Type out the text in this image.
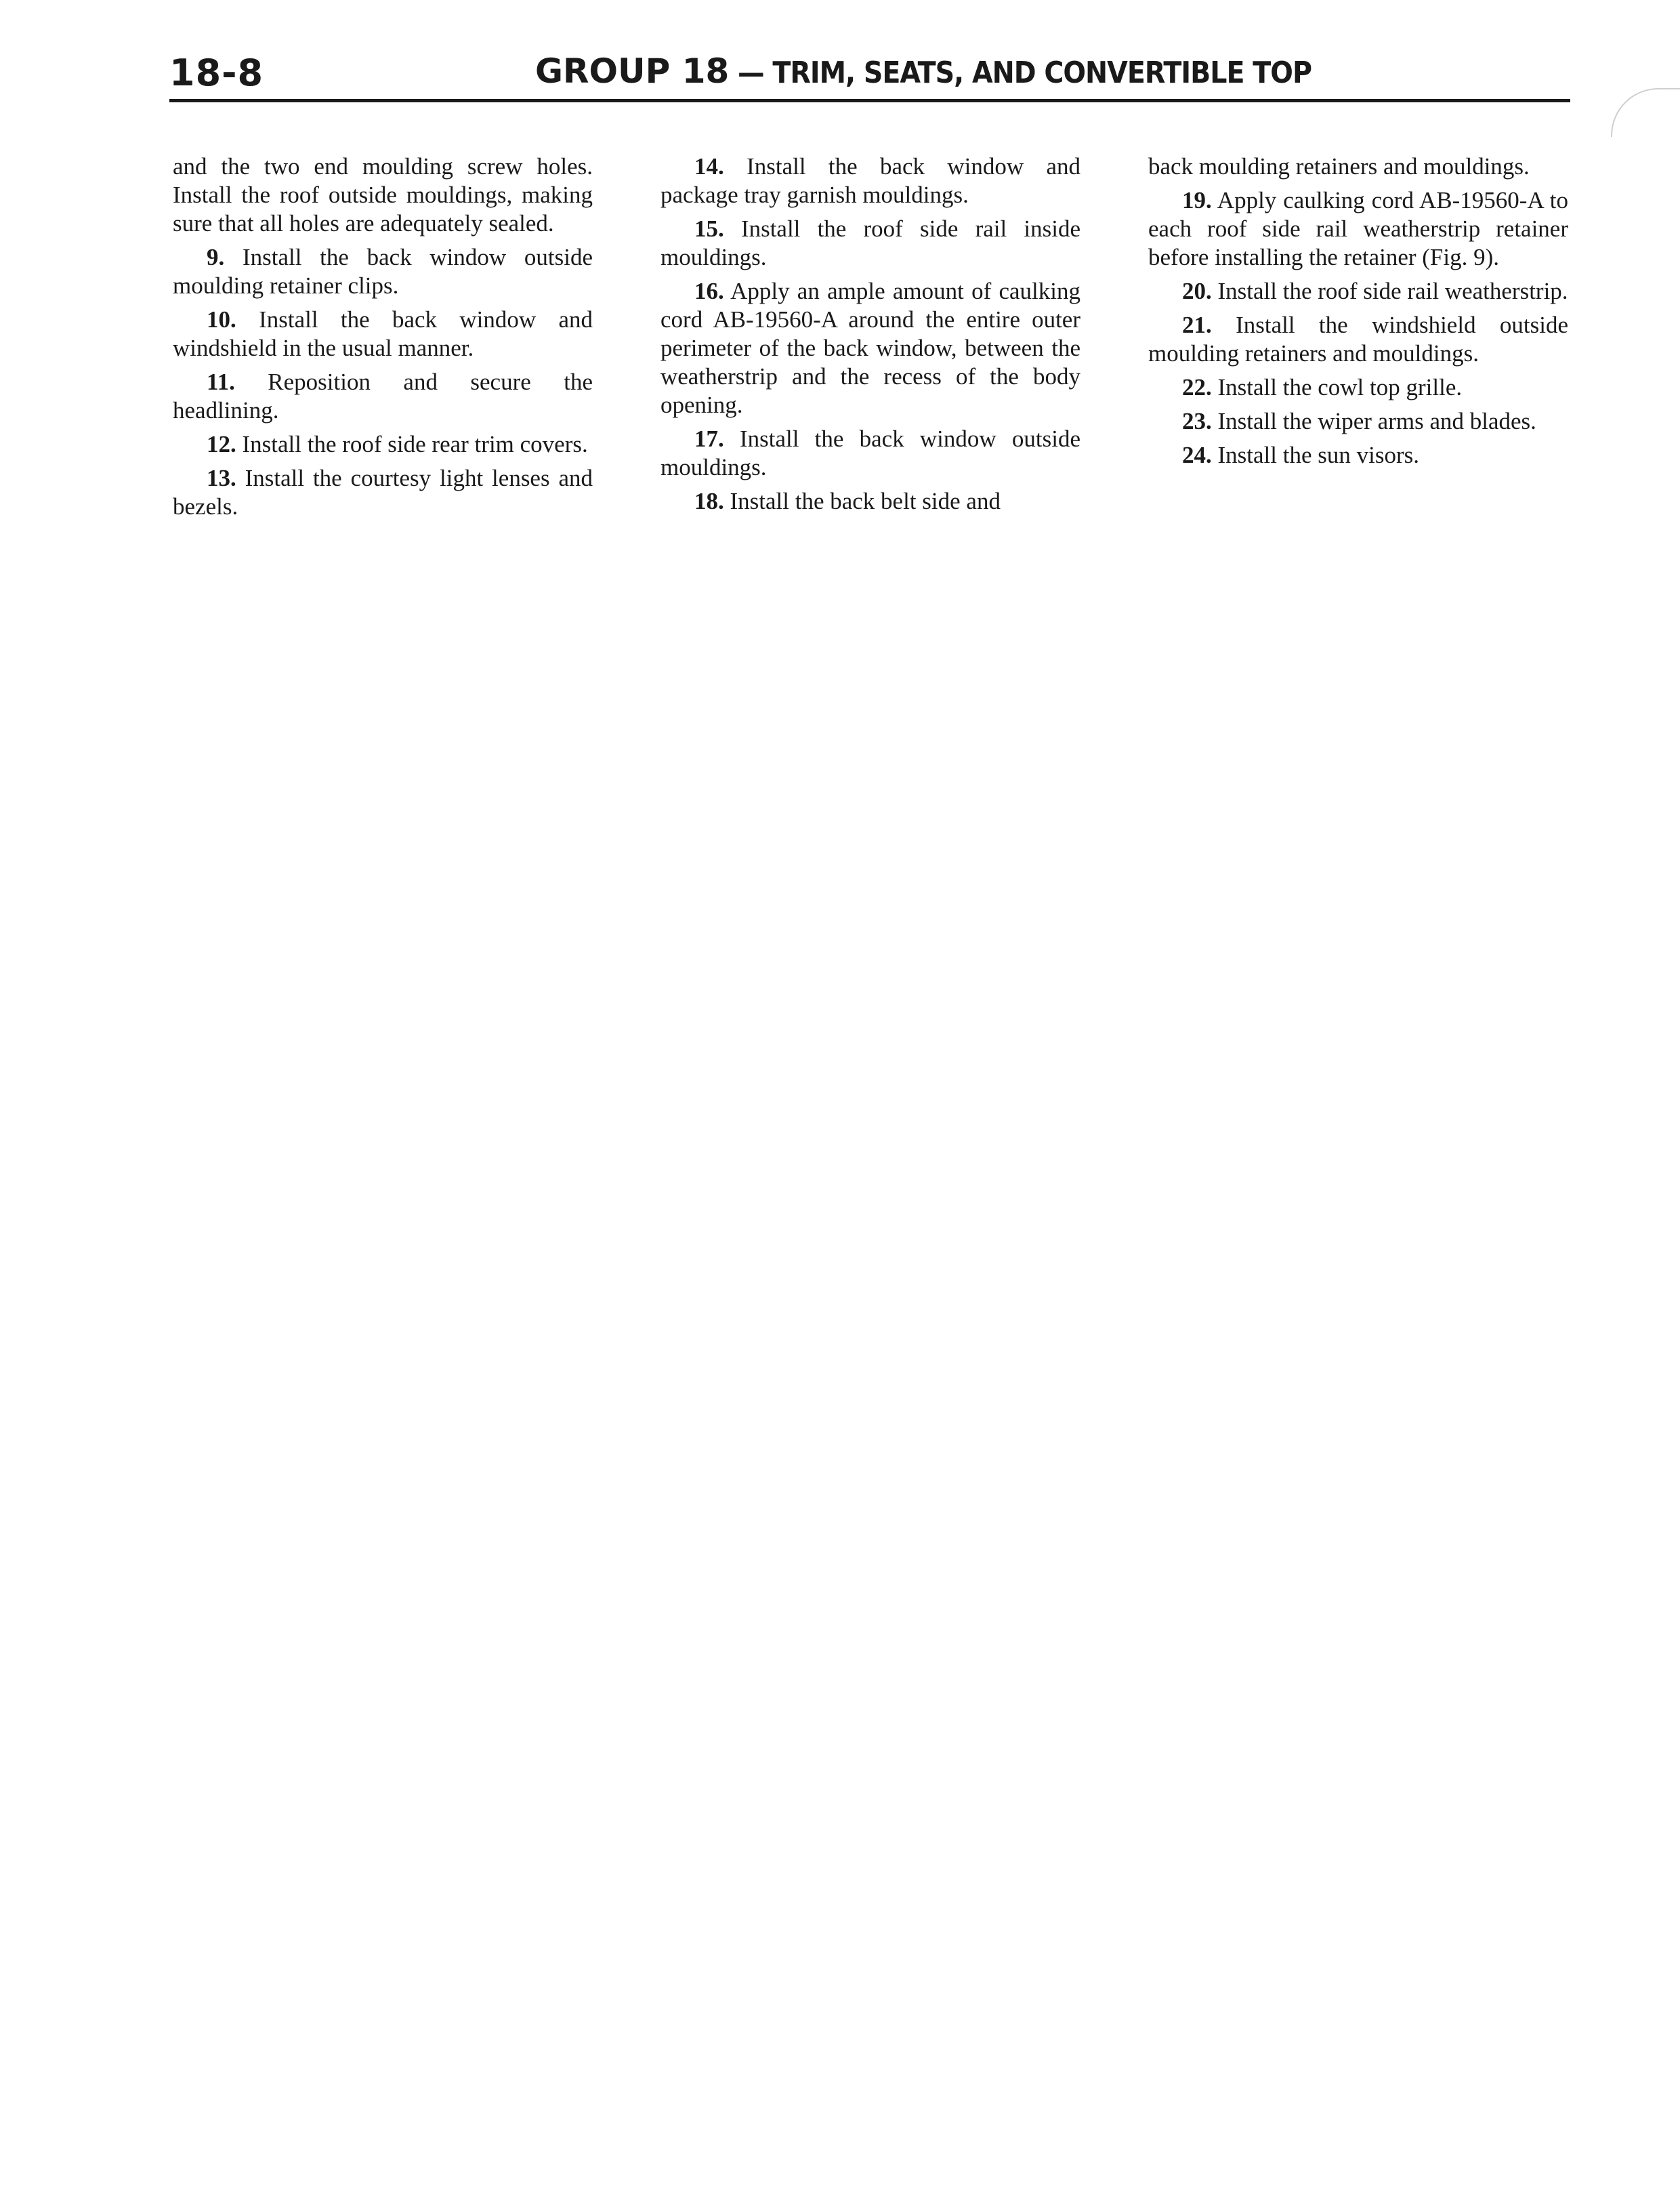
18-8	GROUP 18 — TRIM, SEATS, AND CONVERTIBLE TOP

and the two end moulding screw holes. Install the roof outside mouldings, making sure that all holes are adequately sealed.

9. Install the back window outside moulding retainer clips.

10. Install the back window and windshield in the usual manner.

11. Reposition and secure the headlining.

12. Install the roof side rear trim covers.

13. Install the courtesy light lenses and bezels.

14. Install the back window and package tray garnish mouldings.

15. Install the roof side rail inside mouldings.

16. Apply an ample amount of caulking cord AB-19560-A around the entire outer perimeter of the back window, between the weatherstrip and the recess of the body opening.

17. Install the back window outside mouldings.

18. Install the back belt side and

back moulding retainers and mouldings.

19. Apply caulking cord AB-19560-A to each roof side rail weatherstrip retainer before installing the retainer (Fig. 9).

20. Install the roof side rail weatherstrip.

21. Install the windshield outside moulding retainers and mouldings.

22. Install the cowl top grille.

23. Install the wiper arms and blades.

24. Install the sun visors.
